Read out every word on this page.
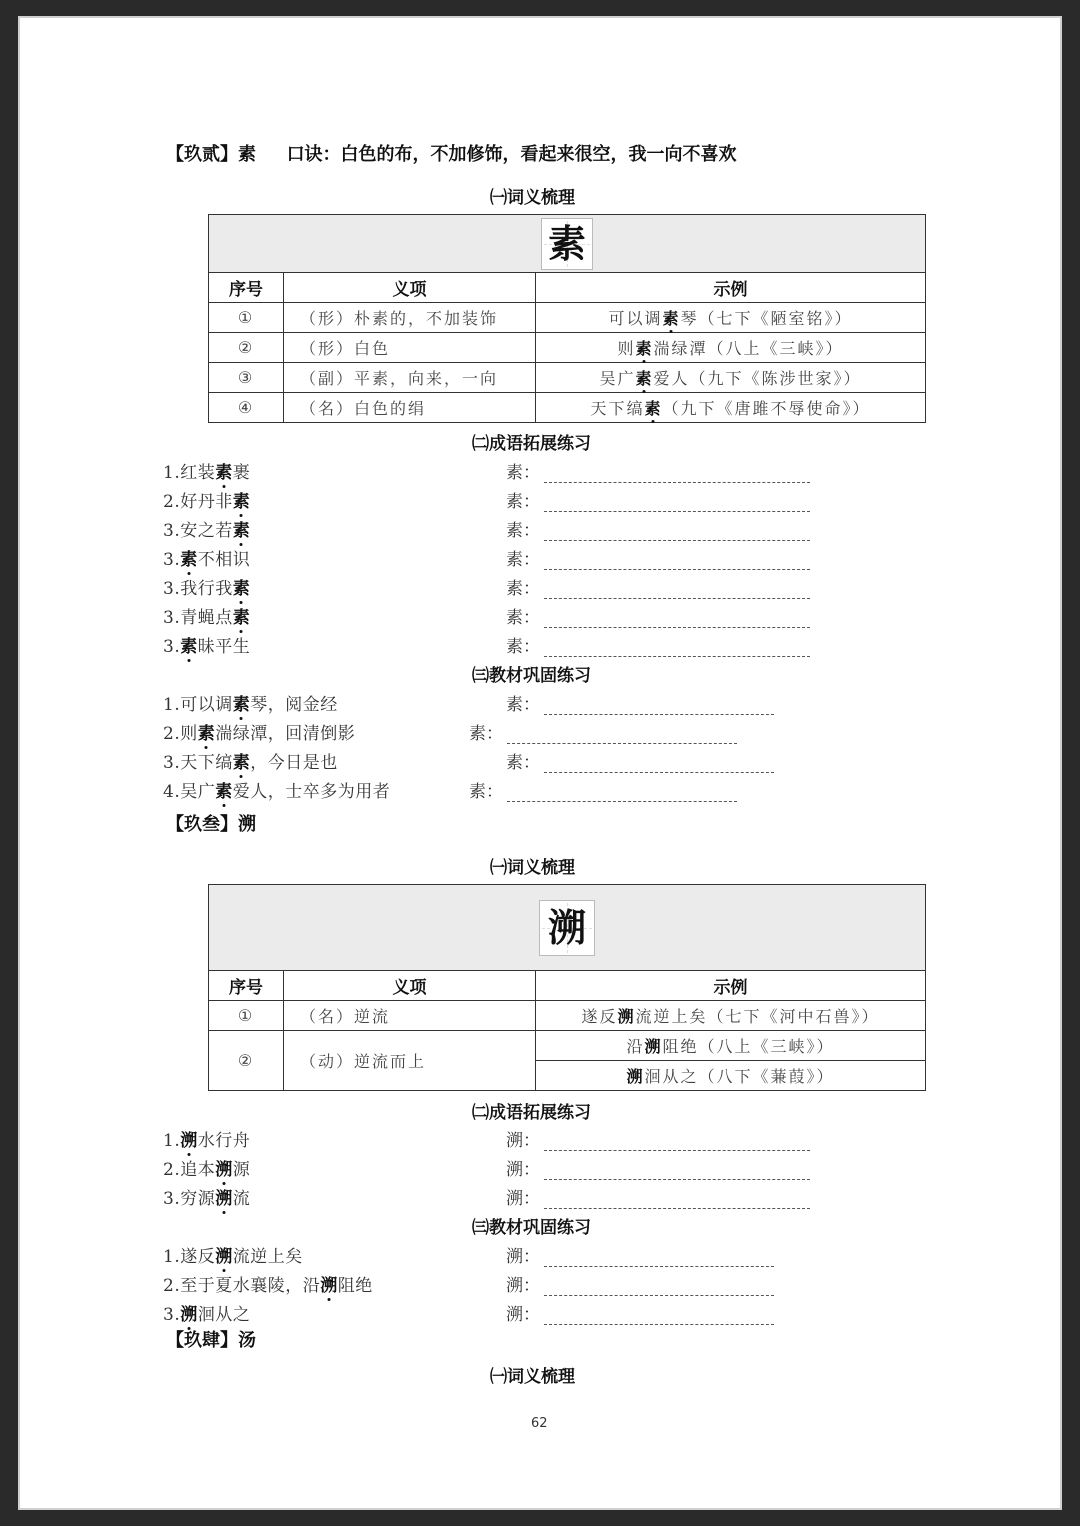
【玖贰】素 口诀：白色的布，不加修饰，看起来很空，我一向不喜欢
㈠词义梳理
素		
序号	义项	示例
①	（形）朴素的，不加装饰	可以调素琴（七下《陋室铭》）
②	（形）白色	则素湍绿潭（八上《三峡》）
③	（副）平素，向来，一向	吴广素爱人（九下《陈涉世家》）
④	（名）白色的绢	天下缟素（九下《唐雎不辱使命》）
㈡成语拓展练习
1.红装素裹	素：
2.好丹非素	素：
3.安之若素	素：
3.素不相识	素：
3.我行我素	素：
3.青蝇点素	素：
3.素昧平生	素：
㈢教材巩固练习
1.可以调素琴，阅金经	素：
2.则素湍绿潭，回清倒影	素：
3.天下缟素，今日是也	素：
4.吴广素爱人，士卒多为用者	素：
【玖叁】溯
㈠词义梳理
溯		
序号	义项	示例
①	（名）逆流	遂反溯流逆上矣（七下《河中石兽》）
②	（动）逆流而上	沿溯阻绝（八上《三峡》）
		溯洄从之（八下《蒹葭》）
㈡成语拓展练习
1.溯水行舟	溯：
2.追本溯源	溯：
3.穷源溯流	溯：
㈢教材巩固练习
1.遂反溯流逆上矣	溯：
2.至于夏水襄陵，沿溯阻绝	溯：
3.溯洄从之	溯：
【玖肆】汤
㈠词义梳理
62
